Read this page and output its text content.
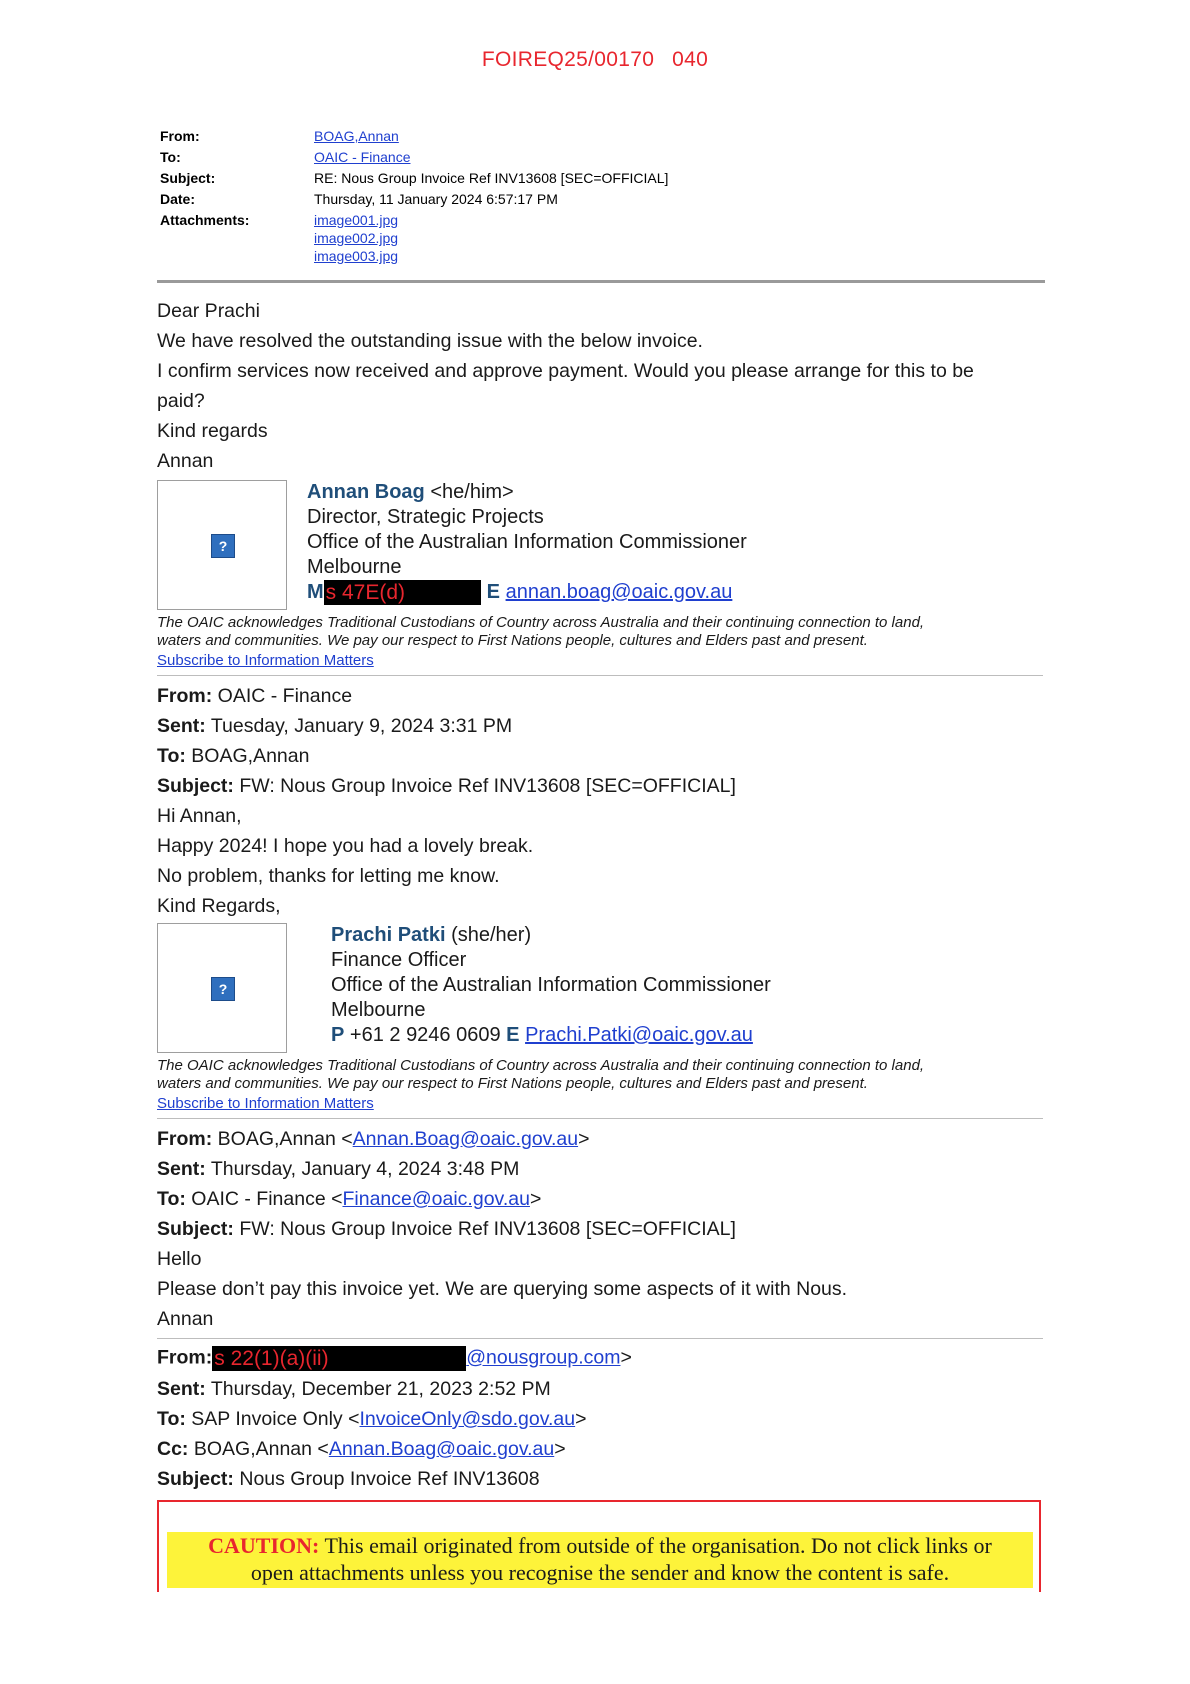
FOIREQ25/00170 040
From:	BOAG,Annan
To:	OAIC - Finance
Subject:	RE: Nous Group Invoice Ref INV13608 [SEC=OFFICIAL]
Date:	Thursday, 11 January 2024 6:57:17 PM
Attachments:	image001.jpg
image002.jpg
image003.jpg
Dear Prachi
We have resolved the outstanding issue with the below invoice.
I confirm services now received and approve payment. Would you please arrange for this to be
paid?
Kind regards
Annan
?
Annan Boag <he/him>
Director, Strategic Projects
Office of the Australian Information Commissioner
Melbourne
Ms 47E(d)	E annan.boag@oaic.gov.au
The OAIC acknowledges Traditional Custodians of Country across Australia and their continuing connection to land,
waters and communities. We pay our respect to First Nations people, cultures and Elders past and present.
Subscribe to Information Matters
From: OAIC - Finance
Sent: Tuesday, January 9, 2024 3:31 PM
To: BOAG,Annan
Subject: FW: Nous Group Invoice Ref INV13608 [SEC=OFFICIAL]
Hi Annan,
Happy 2024! I hope you had a lovely break.
No problem, thanks for letting me know.
Kind Regards,
?
Prachi Patki (she/her)
Finance Officer
Office of the Australian Information Commissioner
Melbourne
P +61 2 9246 0609 E Prachi.Patki@oaic.gov.au
The OAIC acknowledges Traditional Custodians of Country across Australia and their continuing connection to land,
waters and communities. We pay our respect to First Nations people, cultures and Elders past and present.
Subscribe to Information Matters
From: BOAG,Annan <Annan.Boag@oaic.gov.au>
Sent: Thursday, January 4, 2024 3:48 PM
To: OAIC - Finance <Finance@oaic.gov.au>
Subject: FW: Nous Group Invoice Ref INV13608 [SEC=OFFICIAL]
Hello
Please don’t pay this invoice yet. We are querying some aspects of it with Nous.
Annan
From:s 22(1)(a)(ii)	@nousgroup.com>
Sent: Thursday, December 21, 2023 2:52 PM
To: SAP Invoice Only <InvoiceOnly@sdo.gov.au>
Cc: BOAG,Annan <Annan.Boag@oaic.gov.au>
Subject: Nous Group Invoice Ref INV13608
CAUTION: This email originated from outside of the organisation. Do not click links or
open attachments unless you recognise the sender and know the content is safe.
